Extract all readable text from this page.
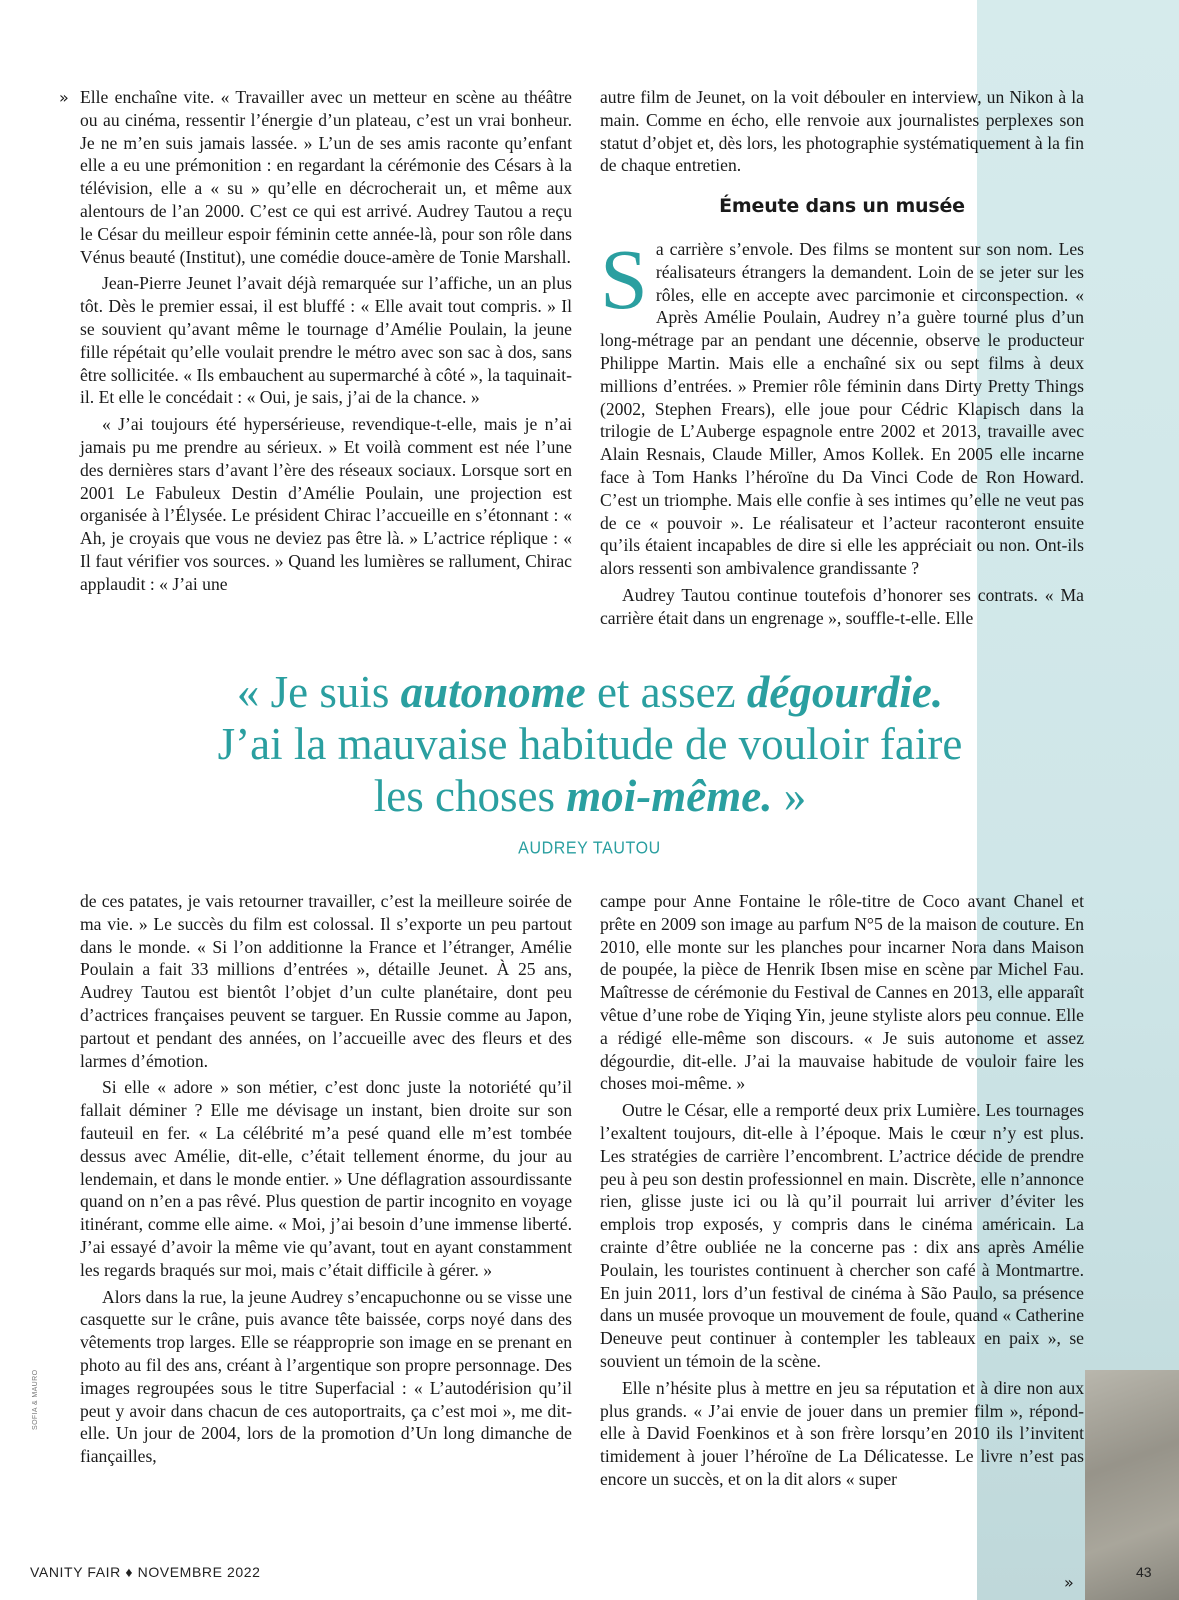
» Elle enchaîne vite. « Travailler avec un metteur en scène au théâtre ou au cinéma, ressentir l’énergie d’un plateau, c’est un vrai bonheur. Je ne m’en suis jamais lassée. » L’un de ses amis raconte qu’enfant elle a eu une prémonition : en regardant la cérémonie des Césars à la télévision, elle a « su » qu’elle en décrocherait un, et même aux alentours de l’an 2000. C’est ce qui est arrivé. Audrey Tautou a reçu le César du meilleur espoir féminin cette année-là, pour son rôle dans Vénus beauté (Institut), une comédie douce-amère de Tonie Marshall.

Jean-Pierre Jeunet l’avait déjà remarquée sur l’affiche, un an plus tôt. Dès le premier essai, il est bluffé : « Elle avait tout compris. » Il se souvient qu’avant même le tournage d’Amélie Poulain, la jeune fille répétait qu’elle voulait prendre le métro avec son sac à dos, sans être sollicitée. « Ils embauchent au supermarché à côté », la taquinait-il. Et elle le concédait : « Oui, je sais, j’ai de la chance. »

« J’ai toujours été hypersérieuse, revendique-t-elle, mais je n’ai jamais pu me prendre au sérieux. » Et voilà comment est née l’une des dernières stars d’avant l’ère des réseaux sociaux. Lorsque sort en 2001 Le Fabuleux Destin d’Amélie Poulain, une projection est organisée à l’Élysée. Le président Chirac l’accueille en s’étonnant : « Ah, je croyais que vous ne deviez pas être là. » L’actrice réplique : « Il faut vérifier vos sources. » Quand les lumières se rallument, Chirac applaudit : « J’ai une

autre film de Jeunet, on la voit débouler en interview, un Nikon à la main. Comme en écho, elle renvoie aux journalistes perplexes son statut d’objet et, dès lors, les photographie systématiquement à la fin de chaque entretien.

Émeute dans un musée

Sa carrière s’envole. Des films se montent sur son nom. Les réalisateurs étrangers la demandent. Loin de se jeter sur les rôles, elle en accepte avec parcimonie et circonspection. « Après Amélie Poulain, Audrey n’a guère tourné plus d’un long-métrage par an pendant une décennie, observe le producteur Philippe Martin. Mais elle a enchaîné six ou sept films à deux millions d’entrées. » Premier rôle féminin dans Dirty Pretty Things (2002, Stephen Frears), elle joue pour Cédric Klapisch dans la trilogie de L’Auberge espagnole entre 2002 et 2013, travaille avec Alain Resnais, Claude Miller, Amos Kollek. En 2005 elle incarne face à Tom Hanks l’héroïne du Da Vinci Code de Ron Howard. C’est un triomphe. Mais elle confie à ses intimes qu’elle ne veut pas de ce « pouvoir ». Le réalisateur et l’acteur raconteront ensuite qu’ils étaient incapables de dire si elle les appréciait ou non. Ont-ils alors ressenti son ambivalence grandissante ?

Audrey Tautou continue toutefois d’honorer ses contrats. « Ma carrière était dans un engrenage », souffle-t-elle. Elle

« Je suis autonome et assez dégourdie.
J’ai la mauvaise habitude de vouloir faire
les choses moi-même. »
AUDREY TAUTOU

de ces patates, je vais retourner travailler, c’est la meilleure soirée de ma vie. » Le succès du film est colossal. Il s’exporte un peu partout dans le monde. « Si l’on additionne la France et l’étranger, Amélie Poulain a fait 33 millions d’entrées », détaille Jeunet. À 25 ans, Audrey Tautou est bientôt l’objet d’un culte planétaire, dont peu d’actrices françaises peuvent se targuer. En Russie comme au Japon, partout et pendant des années, on l’accueille avec des fleurs et des larmes d’émotion.

Si elle « adore » son métier, c’est donc juste la notoriété qu’il fallait déminer ? Elle me dévisage un instant, bien droite sur son fauteuil en fer. « La célébrité m’a pesé quand elle m’est tombée dessus avec Amélie, dit-elle, c’était tellement énorme, du jour au lendemain, et dans le monde entier. » Une déflagration assourdissante quand on n’en a pas rêvé. Plus question de partir incognito en voyage itinérant, comme elle aime. « Moi, j’ai besoin d’une immense liberté. J’ai essayé d’avoir la même vie qu’avant, tout en ayant constamment les regards braqués sur moi, mais c’était difficile à gérer. »

Alors dans la rue, la jeune Audrey s’encapuchonne ou se visse une casquette sur le crâne, puis avance tête baissée, corps noyé dans des vêtements trop larges. Elle se réapproprie son image en se prenant en photo au fil des ans, créant à l’argentique son propre personnage. Des images regroupées sous le titre Superfacial : « L’autodérision qu’il peut y avoir dans chacun de ces autoportraits, ça c’est moi », me dit-elle. Un jour de 2004, lors de la promotion d’Un long dimanche de fiançailles,

campe pour Anne Fontaine le rôle-titre de Coco avant Chanel et prête en 2009 son image au parfum N°5 de la maison de couture. En 2010, elle monte sur les planches pour incarner Nora dans Maison de poupée, la pièce de Henrik Ibsen mise en scène par Michel Fau. Maîtresse de cérémonie du Festival de Cannes en 2013, elle apparaît vêtue d’une robe de Yiqing Yin, jeune styliste alors peu connue. Elle a rédigé elle-même son discours. « Je suis autonome et assez dégourdie, dit-elle. J’ai la mauvaise habitude de vouloir faire les choses moi-même. »

Outre le César, elle a remporté deux prix Lumière. Les tournages l’exaltent toujours, dit-elle à l’époque. Mais le cœur n’y est plus. Les stratégies de carrière l’encombrent. L’actrice décide de prendre peu à peu son destin professionnel en main. Discrète, elle n’annonce rien, glisse juste ici ou là qu’il pourrait lui arriver d’éviter les emplois trop exposés, y compris dans le cinéma américain. La crainte d’être oubliée ne la concerne pas : dix ans après Amélie Poulain, les touristes continuent à chercher son café à Montmartre. En juin 2011, lors d’un festival de cinéma à São Paulo, sa présence dans un musée provoque un mouvement de foule, quand « Catherine Deneuve peut continuer à contempler les tableaux en paix », se souvient un témoin de la scène.

Elle n’hésite plus à mettre en jeu sa réputation et à dire non aux plus grands. « J’ai envie de jouer dans un premier film », répond-elle à David Foenkinos et à son frère lorsqu’en 2010 ils l’invitent timidement à jouer l’héroïne de La Délicatesse. Le livre n’est pas encore un succès, et on la dit alors « super

»
SOFIA & MAURO
VANITY FAIR ♦ NOVEMBRE 2022	43
